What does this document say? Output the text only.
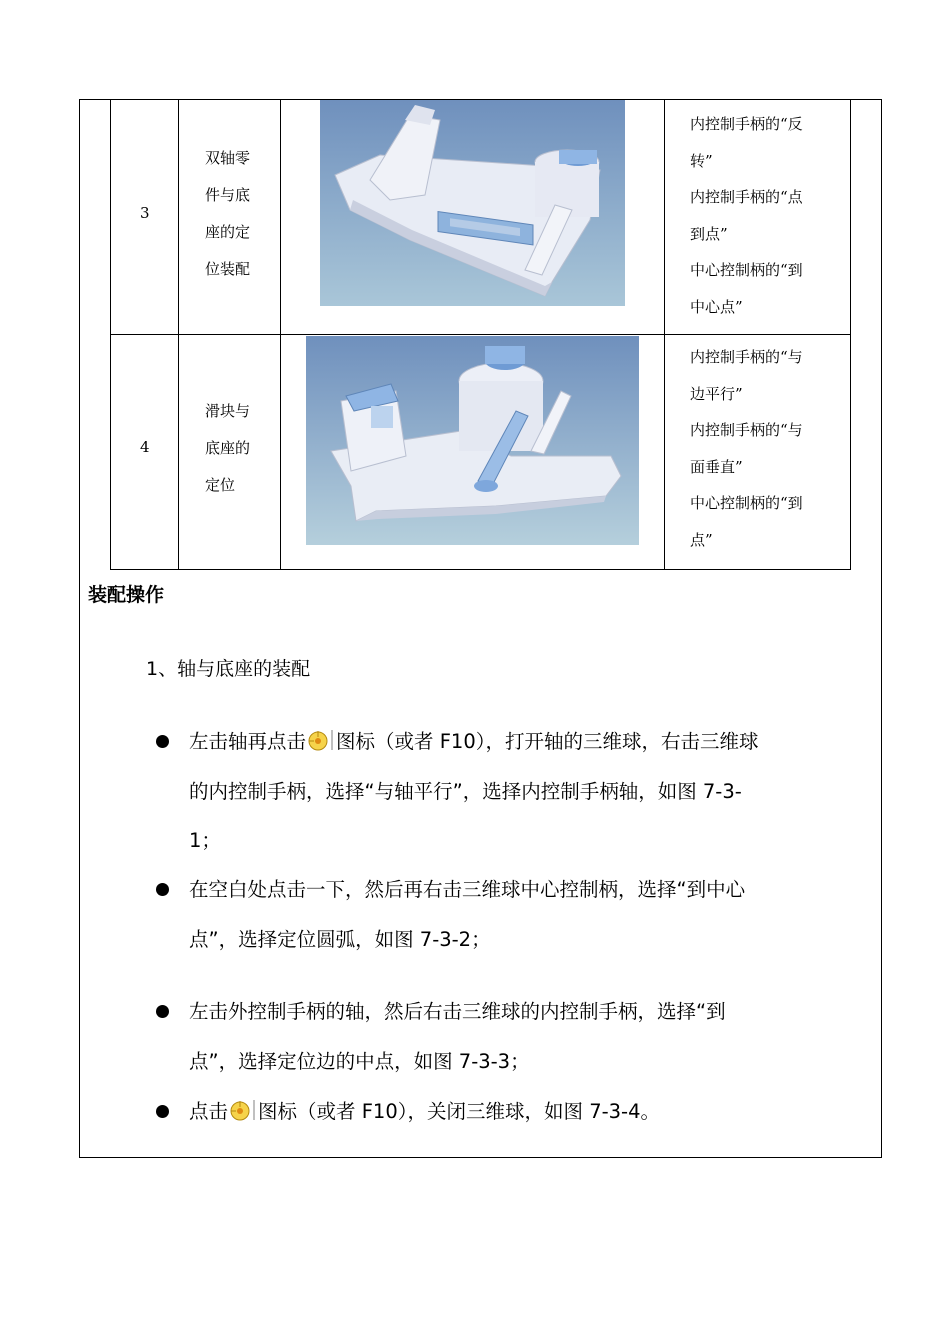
3
双轴零
件与底
座的定
位装配
内控制手柄的“反
转”
内控制手柄的“点
到点”
中心控制柄的“到
中心点”
4
滑块与
底座的
定位
内控制手柄的“与
边平行”
内控制手柄的“与
面垂直”
中心控制柄的“到
点”
装配操作
1、轴与底座的装配
左击轴再点击 图标（或者 F10），打开轴的三维球，右击三维球
的内控制手柄，选择“与轴平行”，选择内控制手柄轴，如图 7-3-
1；
在空白处点击一下，然后再右击三维球中心控制柄，选择“到中心
点”，选择定位圆弧，如图 7-3-2；
左击外控制手柄的轴，然后右击三维球的内控制手柄，选择“到
点”，选择定位边的中点，如图 7-3-3；
点击 图标（或者 F10），关闭三维球，如图 7-3-4。
